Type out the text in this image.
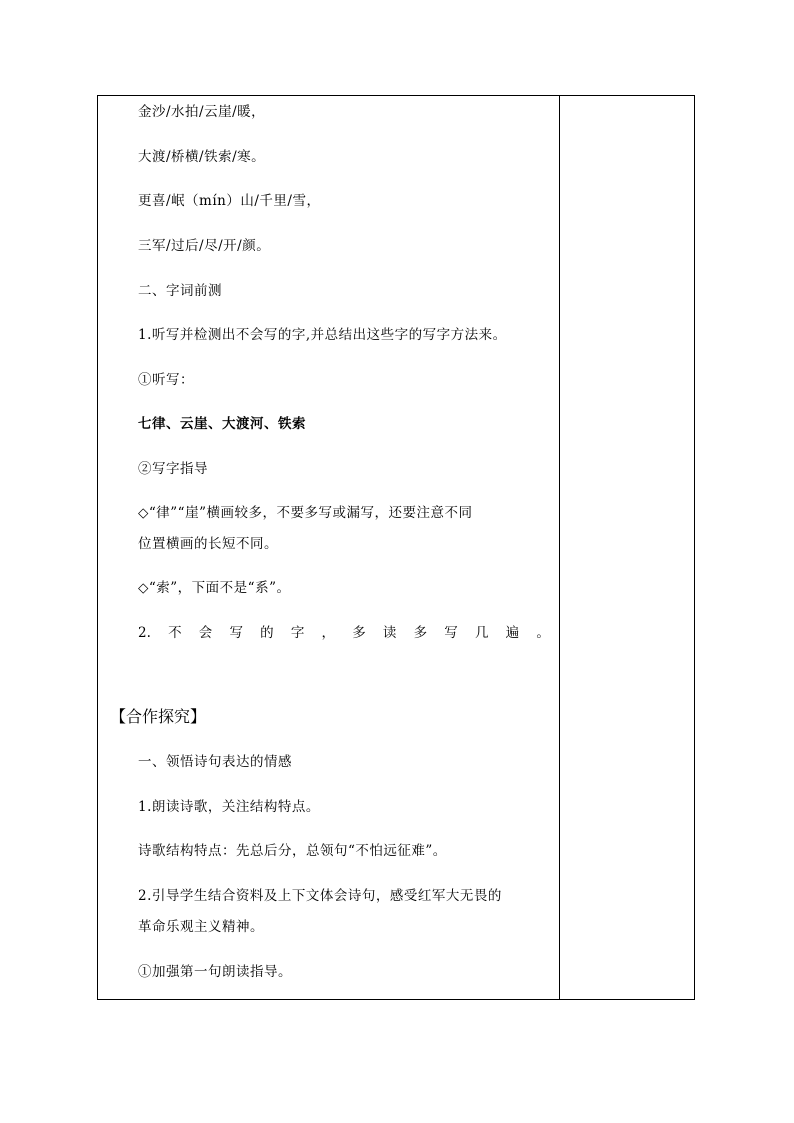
金沙/水拍/云崖/暖，
大渡/桥横/铁索/寒。
更喜/岷（mín）山/千里/雪，
三军/过后/尽/开/颜。
二、字词前测
1.听写并检测出不会写的字,并总结出这些字的写字方法来。
①听写：
七律、云崖、大渡河、铁索
②写字指导
◇“律”“崖”横画较多，不要多写或漏写，还要注意不同
位置横画的长短不同。
◇“索”，下面不是“系”。
2. 不 会 写 的 字 ， 多 读 多 写 几 遍 。
【合作探究】
一、领悟诗句表达的情感
1.朗读诗歌，关注结构特点。
诗歌结构特点：先总后分，总领句“不怕远征难”。
2.引导学生结合资料及上下文体会诗句，感受红军大无畏的
革命乐观主义精神。
①加强第一句朗读指导。
